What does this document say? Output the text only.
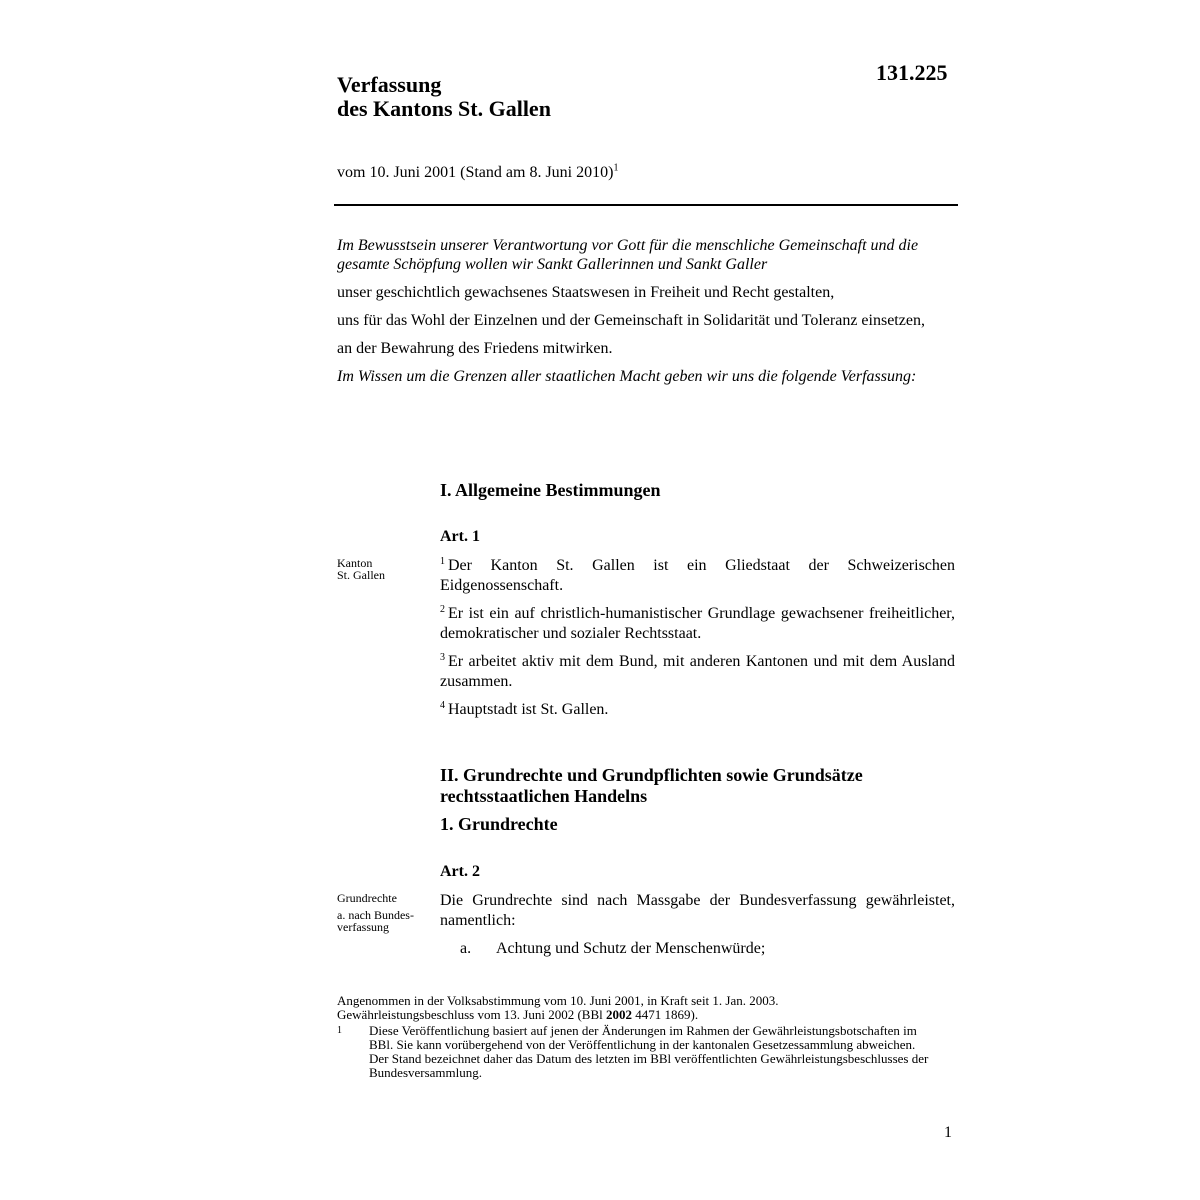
131.225
Verfassung
des Kantons St. Gallen
vom 10. Juni 2001 (Stand am 8. Juni 2010)$^1$

Im Bewusstsein unserer Verantwortung vor Gott für die menschliche Gemeinschaft und die gesamte Schöpfung wollen wir Sankt Gallerinnen und Sankt Galler

unser geschichtlich gewachsenes Staatswesen in Freiheit und Recht gestalten,

uns für das Wohl der Einzelnen und der Gemeinschaft in Solidarität und Toleranz einsetzen,

an der Bewahrung des Friedens mitwirken.

Im Wissen um die Grenzen aller staatlichen Macht geben wir uns die folgende Verfassung:

I. Allgemeine Bestimmungen
Art. 1
Kanton
St. Gallen

$^1$ Der Kanton St. Gallen ist ein Gliedstaat der Schweizerischen Eidgenossenschaft.

$^2$ Er ist ein auf christlich-humanistischer Grundlage gewachsener freiheitlicher, demokratischer und sozialer Rechtsstaat.

$^3$ Er arbeitet aktiv mit dem Bund, mit anderen Kantonen und mit dem Ausland zusammen.

$^4$ Hauptstadt ist St. Gallen.

II. Grundrechte und Grundpflichten sowie Grundsätze
rechtsstaatlichen Handelns
1. Grundrechte
Art. 2
Grundrechte
a. nach Bundes-
verfassung

Die Grundrechte sind nach Massgabe der Bundesverfassung gewährleistet, namentlich:

a.	Achtung und Schutz der Menschenwürde;

Angenommen in der Volksabstimmung vom 10. Juni 2001, in Kraft seit 1. Jan. 2003.

Gewährleistungsbeschluss vom 13. Juni 2002 (BBl 2002 4471 1869).

1	Diese Veröffentlichung basiert auf jenen der Änderungen im Rahmen der Gewährleistungsbotschaften im BBl. Sie kann vorübergehend von der Veröffentlichung in der kantonalen Gesetzessammlung abweichen. Der Stand bezeichnet daher das Datum des letzten im BBl veröffentlichten Gewährleistungsbeschlusses der Bundesversammlung.
1
